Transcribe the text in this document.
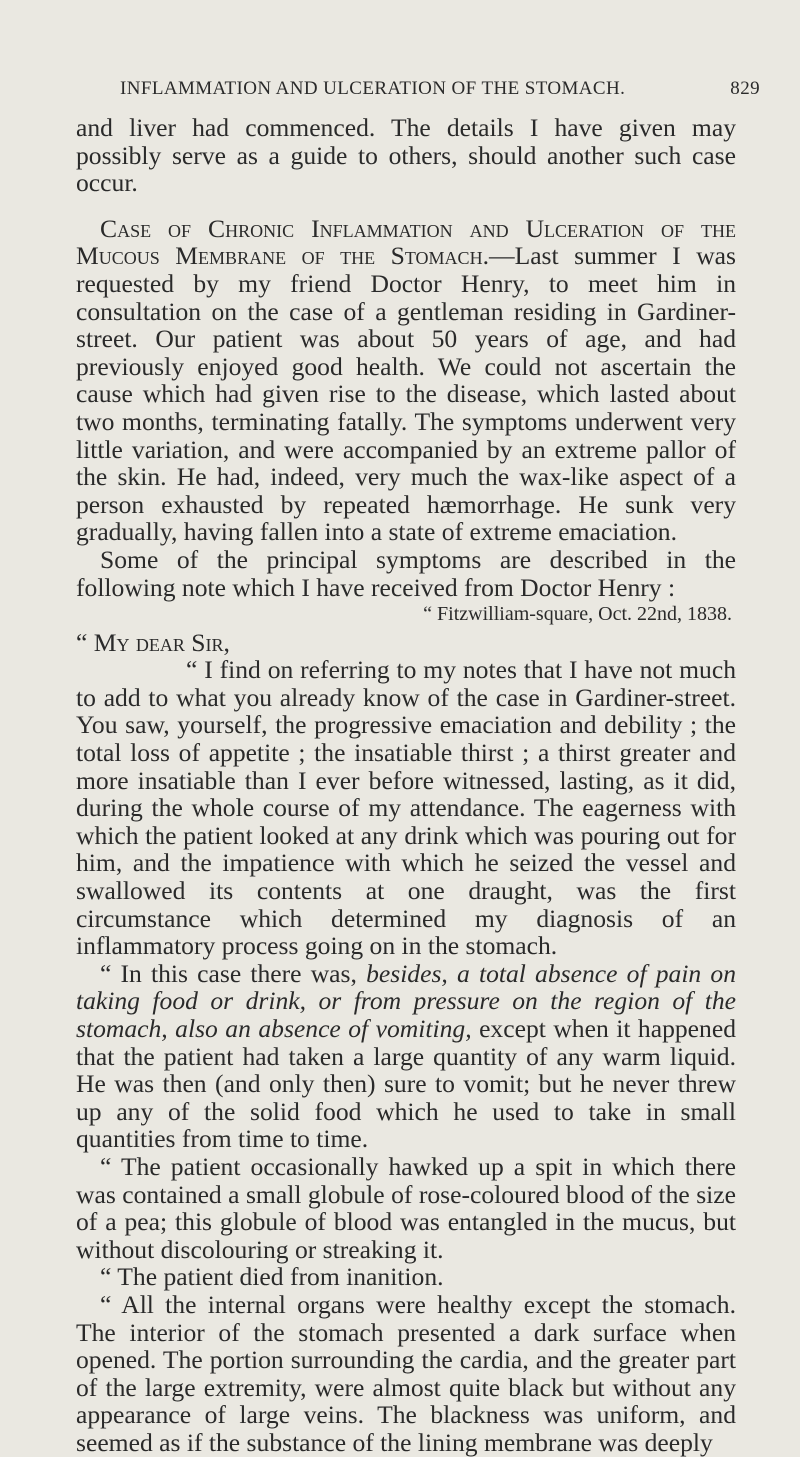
INFLAMMATION AND ULCERATION OF THE STOMACH.	829

and liver had commenced. The details I have given may possibly serve as a guide to others, should another such case occur.

Case of Chronic Inflammation and Ulceration of the Mucous Membrane of the Stomach.—Last summer I was requested by my friend Doctor Henry, to meet him in consultation on the case of a gentleman residing in Gardiner-street. Our patient was about 50 years of age, and had previously enjoyed good health. We could not ascertain the cause which had given rise to the disease, which lasted about two months, terminating fatally. The symptoms underwent very little variation, and were accompanied by an extreme pallor of the skin. He had, indeed, very much the wax-like aspect of a person exhausted by repeated hæmorrhage. He sunk very gradually, having fallen into a state of extreme emaciation.

Some of the principal symptoms are described in the following note which I have received from Doctor Henry :

“ Fitzwilliam-square, Oct. 22nd, 1838.

“ My dear Sir,

“ I find on referring to my notes that I have not much to add to what you already know of the case in Gardiner-street. You saw, yourself, the progressive emaciation and debility ; the total loss of appetite ; the insatiable thirst ; a thirst greater and more insatiable than I ever before witnessed, lasting, as it did, during the whole course of my attendance. The eagerness with which the patient looked at any drink which was pouring out for him, and the impatience with which he seized the vessel and swallowed its contents at one draught, was the first circumstance which determined my diagnosis of an inflammatory process going on in the stomach.

“ In this case there was, besides, a total absence of pain on taking food or drink, or from pressure on the region of the stomach, also an absence of vomiting, except when it happened that the patient had taken a large quantity of any warm liquid. He was then (and only then) sure to vomit; but he never threw up any of the solid food which he used to take in small quantities from time to time.

“ The patient occasionally hawked up a spit in which there was contained a small globule of rose-coloured blood of the size of a pea; this globule of blood was entangled in the mucus, but without discolouring or streaking it.

“ The patient died from inanition.

“ All the internal organs were healthy except the stomach. The interior of the stomach presented a dark surface when opened. The portion surrounding the cardia, and the greater part of the large extremity, were almost quite black but without any appearance of large veins. The blackness was uniform, and seemed as if the substance of the lining membrane was deeply
